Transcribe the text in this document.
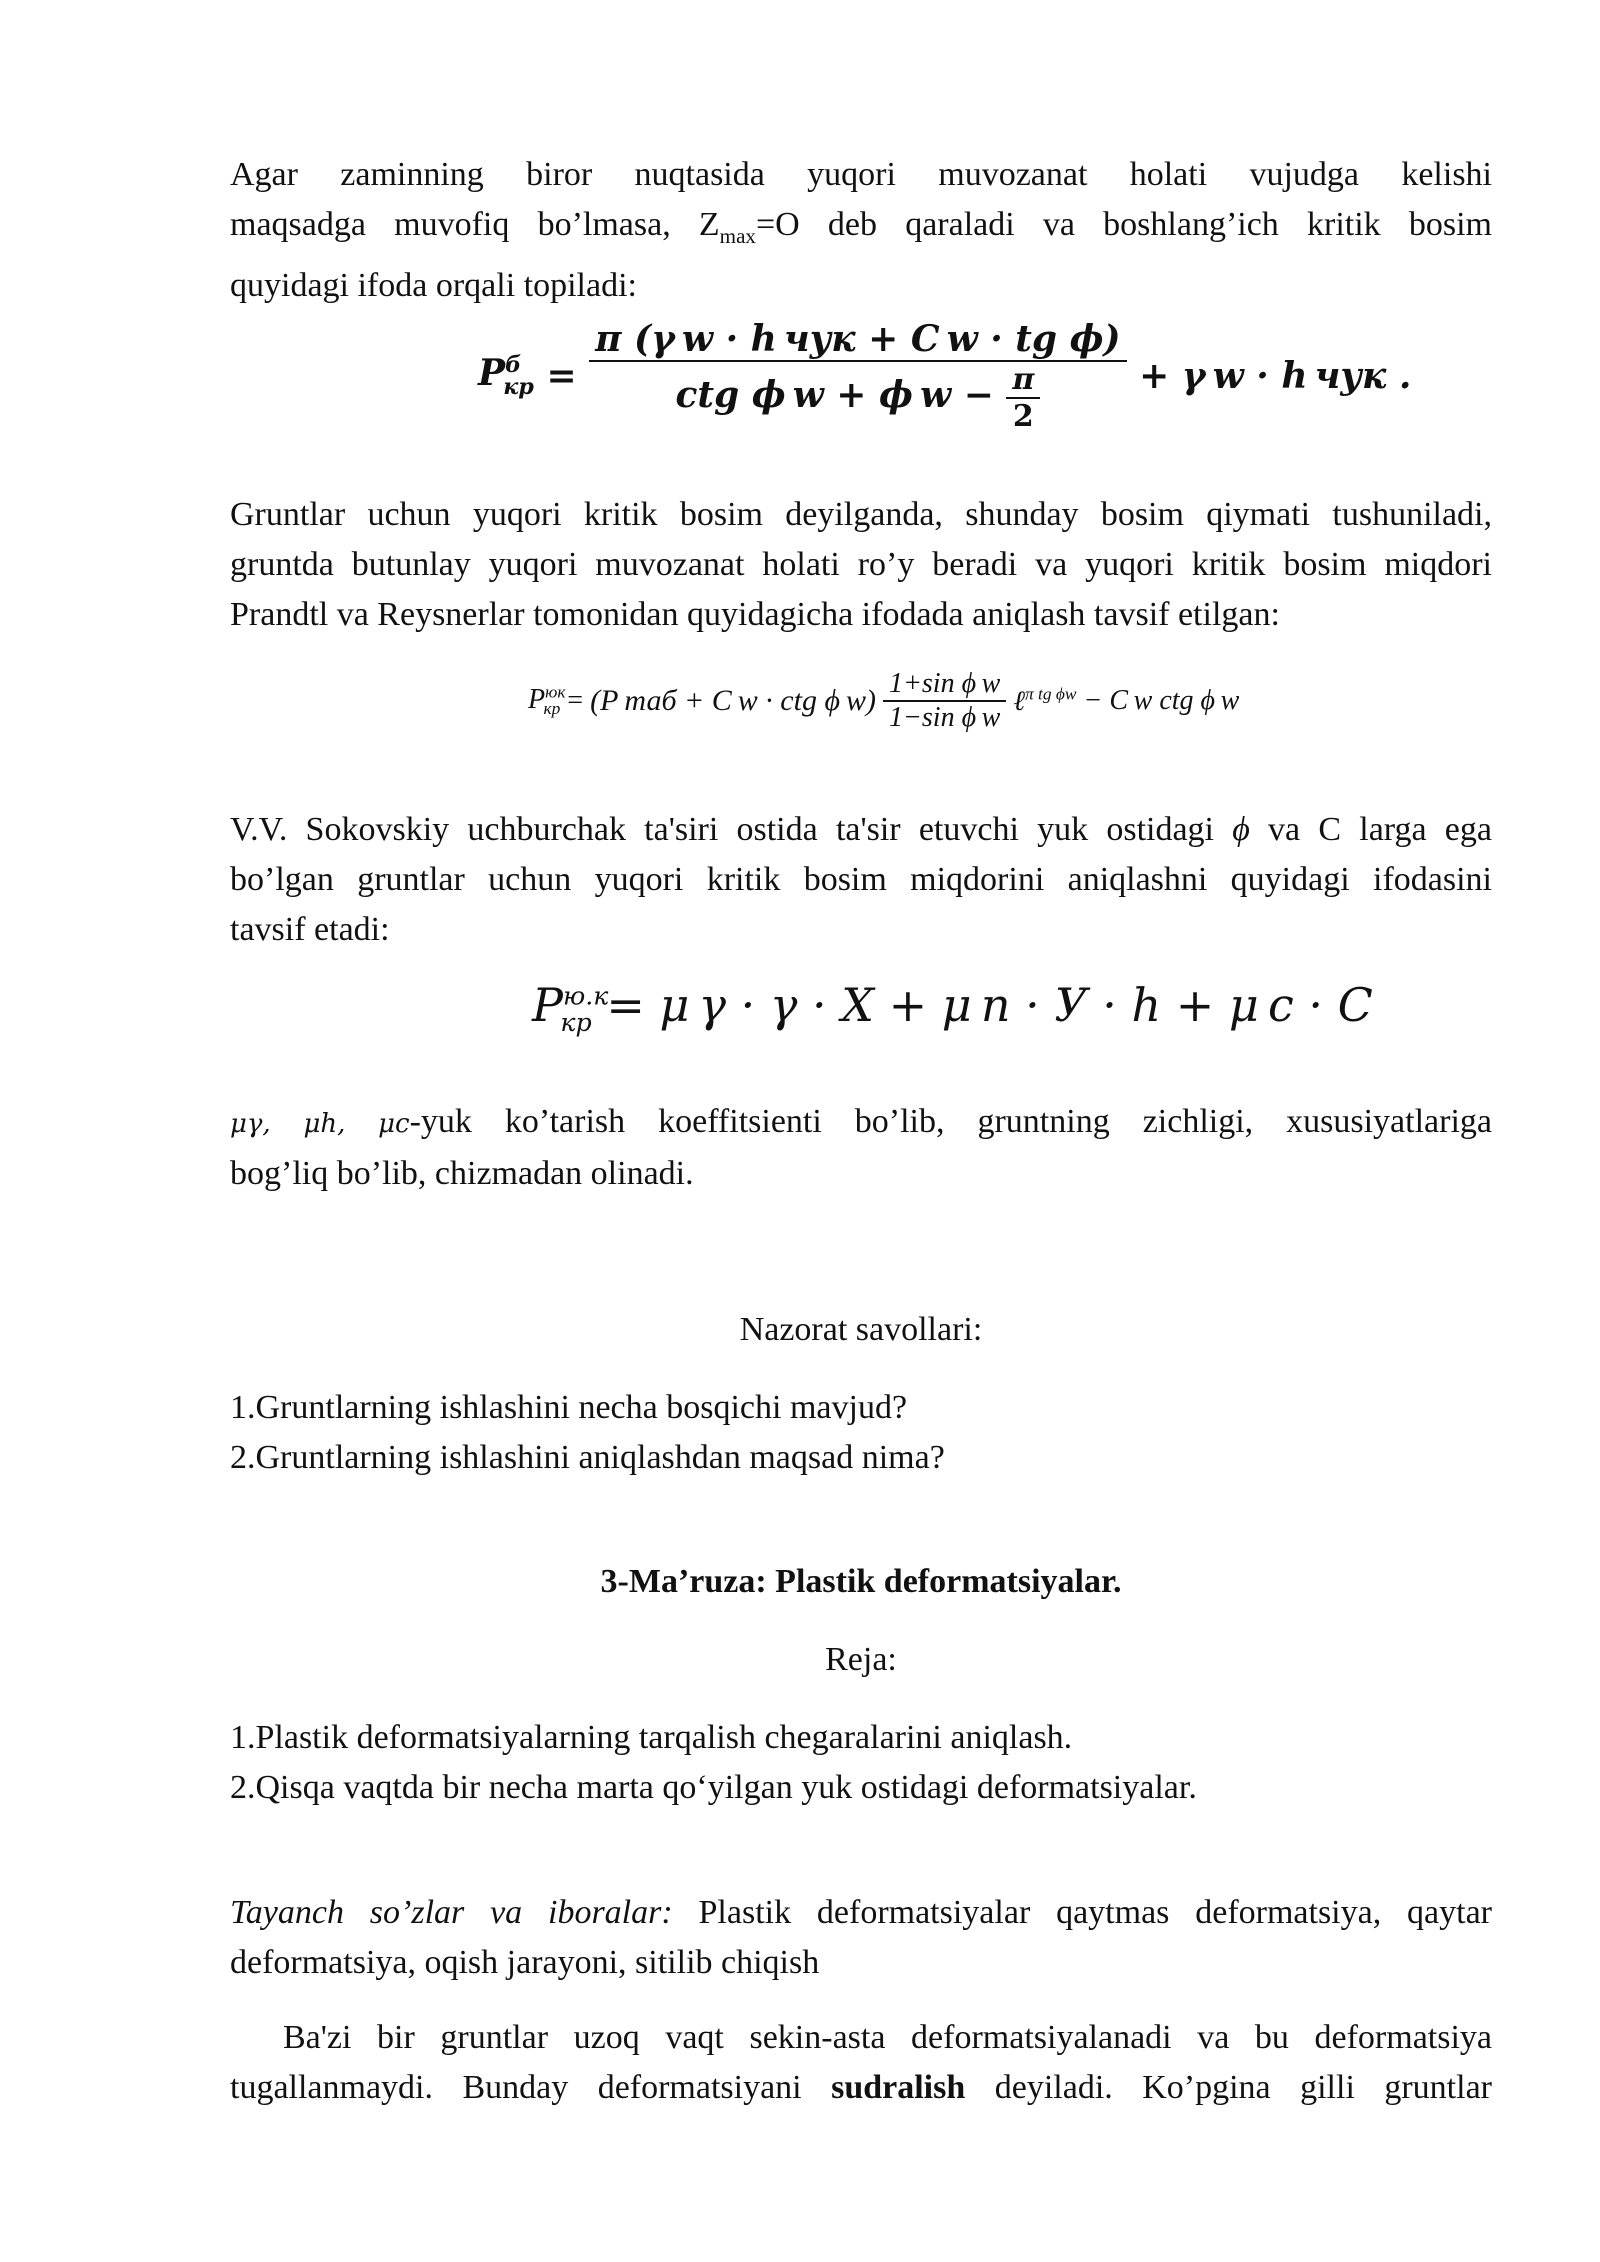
Agar zaminning biror nuqtasida yuqori muvozanat holati vujudga kelishi
maqsadga muvofiq bo’lmasa, $Z_{max}=O$ deb qaraladi va boshlang’ich kritik bosim
quyidagi ifoda orqali topiladi:
$P^б_{кр} = \frac{\text{π (γ w · h чук + C w · tg ϕ)}}{ctg \phi w + \phi w - \frac{\pi}{2}} + \gamma$ w · h чук .
Gruntlar uchun yuqori kritik bosim deyilganda, shunday bosim qiymati tushuniladi,
gruntda butunlay yuqori muvozanat holati ro’y beradi va yuqori kritik bosim miqdori
Prandtl va Reysnerlar tomonidan quyidagicha ifodada aniqlash tavsif etilgan:
$P^{юк}_{кр} = (P$ таб + C w · ctg ϕ $w) \frac{\text{1+sin ϕ w}}{\text{1−sin ϕ w}}$ ℓ$^{\pi tg \phi w}$ − C w ctg ϕ w
V.V. Sokovskiy uchburchak ta'siri ostida ta'sir etuvchi yuk ostidagi ϕ va C larga ega
bo’lgan gruntlar uchun yuqori kritik bosim miqdorini aniqlashni quyidagi ifodasini
tavsif etadi:
$P^{ю.к}_{кр} = \mu$ γ · γ · X + μ n · У · h + μ c · C
μγ, μh, μc-yuk ko’tarish koeffitsienti bo’lib, gruntning zichligi, xususiyatlariga
bog’liq bo’lib, chizmadan olinadi.
Nazorat savollari:
1.Gruntlarning ishlashini necha bosqichi mavjud?
2.Gruntlarning ishlashini aniqlashdan maqsad nima?
3-Ma’ruza: Plastik deformatsiyalar.
Reja:
1.Plastik deformatsiyalarning tarqalish chegaralarini aniqlash.
2.Qisqa vaqtda bir necha marta qo‘yilgan yuk ostidagi deformatsiyalar.
Tayanch so’zlar va iboralar: Plastik deformatsiyalar qaytmas deformatsiya, qaytar
deformatsiya, oqish jarayoni, sitilib chiqish
Ba'zi bir gruntlar uzoq vaqt sekin-asta deformatsiyalanadi va bu deformatsiya
tugallanmaydi. Bunday deformatsiyani sudralish deyiladi. Ko’pgina gilli gruntlar
